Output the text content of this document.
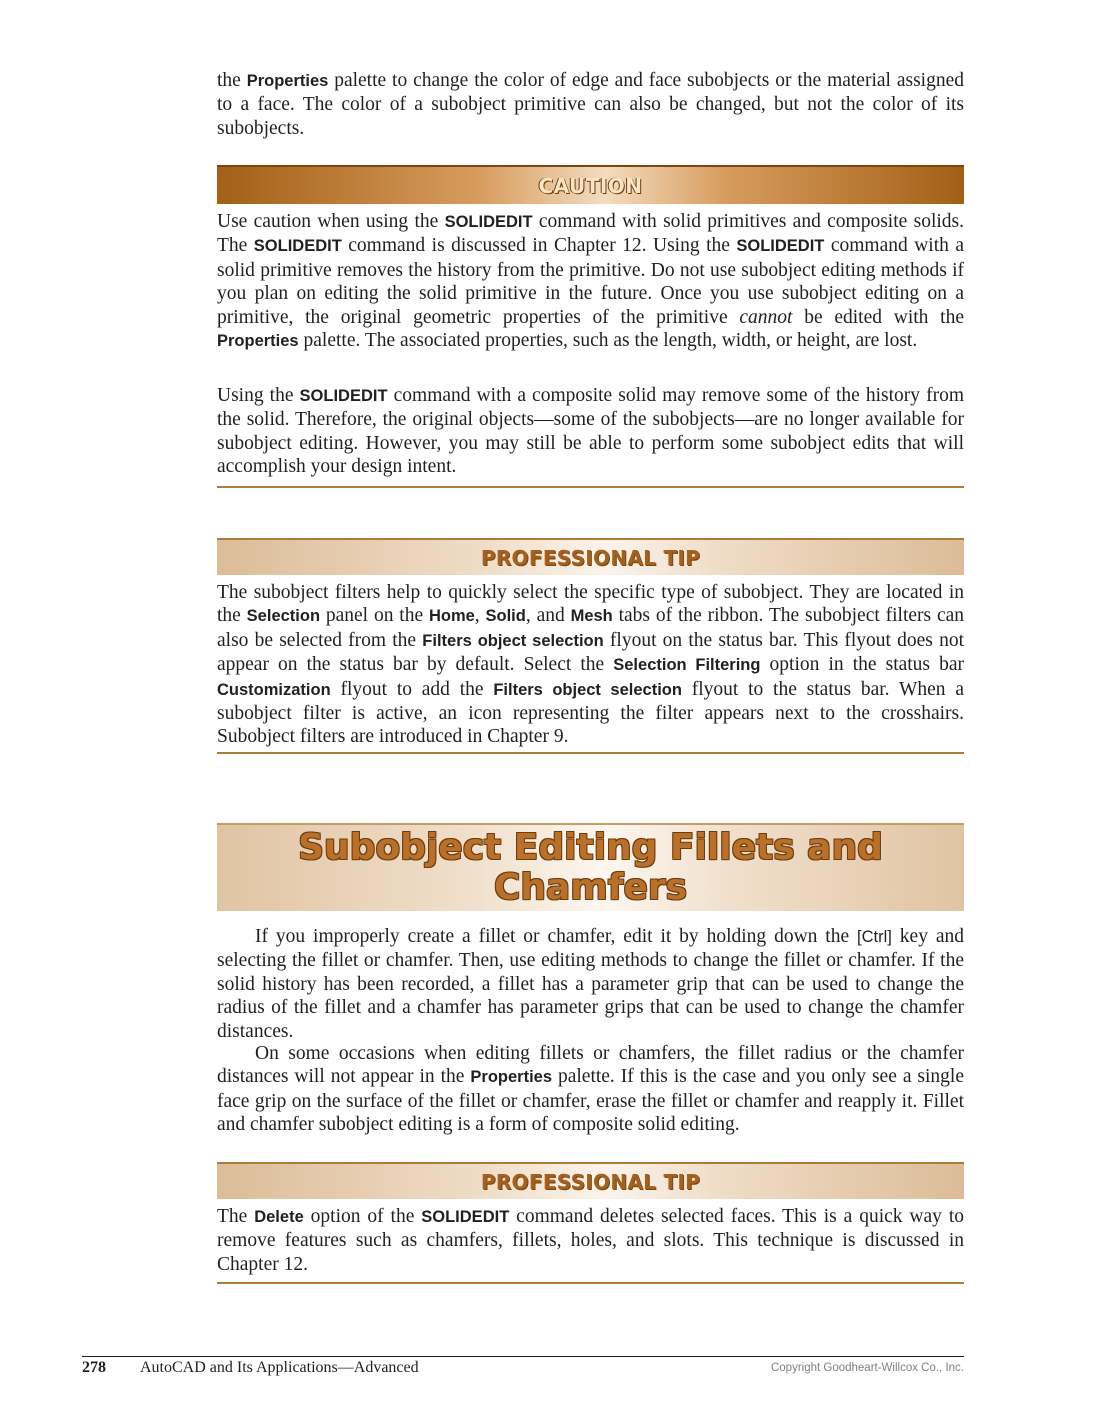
the Properties palette to change the color of edge and face subobjects or the material assigned to a face. The color of a subobject primitive can also be changed, but not the color of its subobjects.

CAUTION

Use caution when using the SOLIDEDIT command with solid primitives and composite solids. The SOLIDEDIT command is discussed in Chapter 12. Using the SOLIDEDIT command with a solid primitive removes the history from the primitive. Do not use subobject editing methods if you plan on editing the solid primitive in the future. Once you use subobject editing on a primitive, the original geometric properties of the primitive cannot be edited with the Properties palette. The associated properties, such as the length, width, or height, are lost.

Using the SOLIDEDIT command with a composite solid may remove some of the history from the solid. Therefore, the original objects—some of the subobjects—are no longer available for subobject editing. However, you may still be able to perform some subobject edits that will accomplish your design intent.

PROFESSIONAL TIP

The subobject filters help to quickly select the specific type of subobject. They are located in the Selection panel on the Home, Solid, and Mesh tabs of the ribbon. The subobject filters can also be selected from the Filters object selection flyout on the status bar. This flyout does not appear on the status bar by default. Select the Selection Filtering option in the status bar Customization flyout to add the Filters object selection flyout to the status bar. When a subobject filter is active, an icon representing the filter appears next to the crosshairs. Subobject filters are introduced in Chapter 9.

Subobject Editing Fillets and Chamfers

If you improperly create a fillet or chamfer, edit it by holding down the [Ctrl] key and selecting the fillet or chamfer. Then, use editing methods to change the fillet or chamfer. If the solid history has been recorded, a fillet has a parameter grip that can be used to change the radius of the fillet and a chamfer has parameter grips that can be used to change the chamfer distances.

On some occasions when editing fillets or chamfers, the fillet radius or the chamfer distances will not appear in the Properties palette. If this is the case and you only see a single face grip on the surface of the fillet or chamfer, erase the fillet or chamfer and reapply it. Fillet and chamfer subobject editing is a form of composite solid editing.

PROFESSIONAL TIP

The Delete option of the SOLIDEDIT command deletes selected faces. This is a quick way to remove features such as chamfers, fillets, holes, and slots. This technique is discussed in Chapter 12.

278 AutoCAD and Its Applications—Advanced	Copyright Goodheart-Willcox Co., Inc.
